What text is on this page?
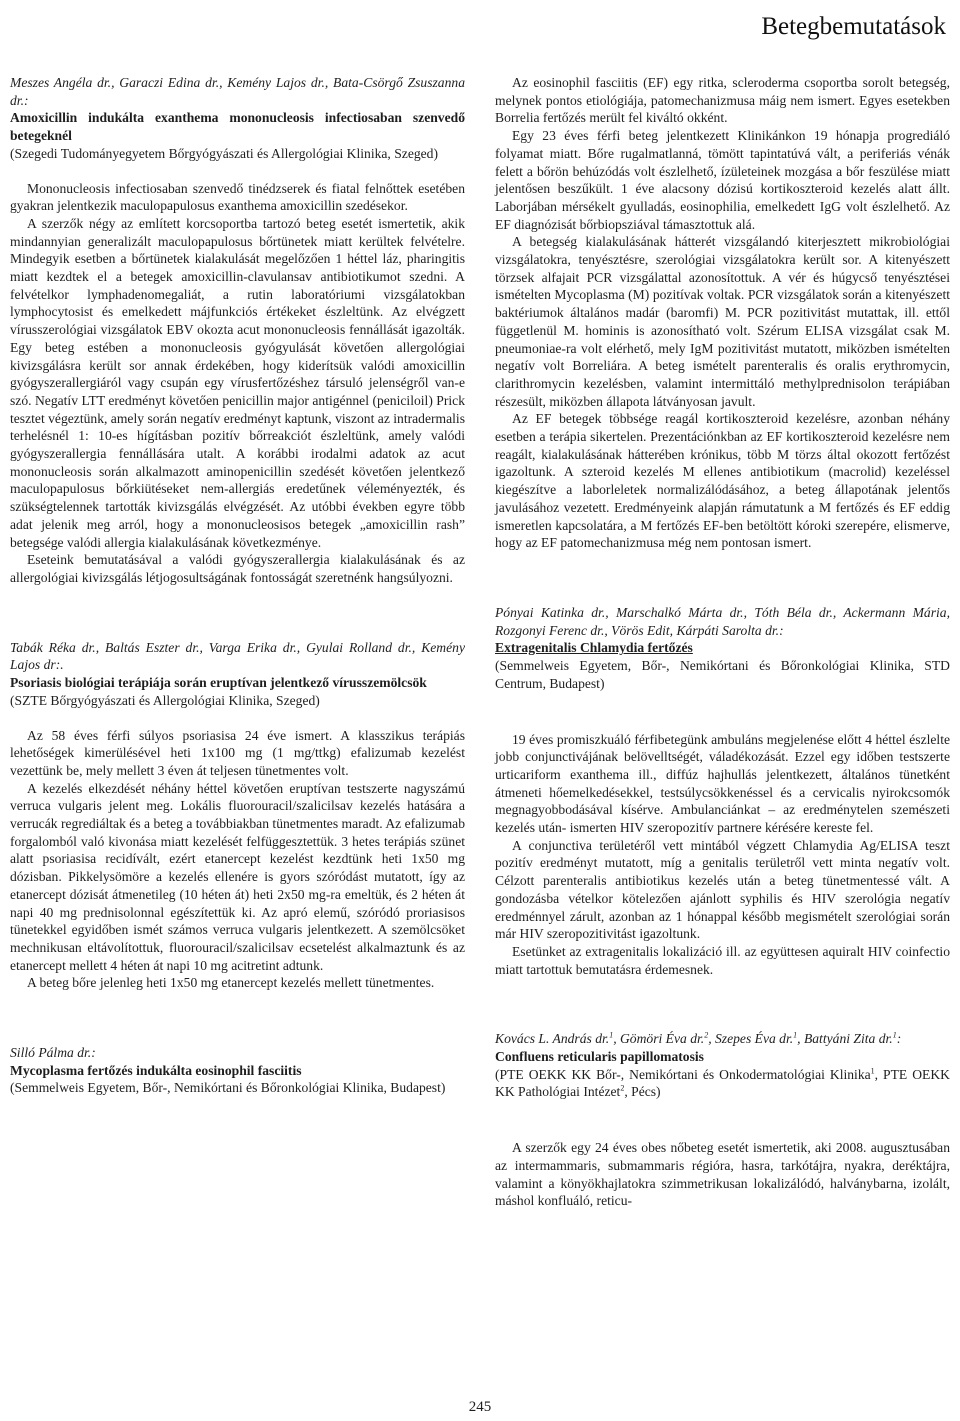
Betegbemutatások

Meszes Angéla dr., Garaczi Edina dr., Kemény Lajos dr., Bata-Csörgő Zsuszanna dr.:

Amoxicillin indukálta exanthema mononucleosis infectiosaban szenvedő betegeknél

(Szegedi Tudományegyetem Bőrgyógyászati és Allergológiai Klinika, Szeged)

Mononucleosis infectiosaban szenvedő tinédzserek és fiatal felnőttek esetében gyakran jelentkezik maculopapulosus exanthema amoxicillin szedésekor.

A szerzők négy az említett korcsoportba tartozó beteg esetét ismertetik, akik mindannyian generalizált maculopapulosus bőrtünetek miatt kerültek felvételre. Mindegyik esetben a bőrtünetek kialakulását megelőzően 1 héttel láz, pharingitis miatt kezdtek el a betegek amoxicillin-clavulansav antibiotikumot szedni. A felvételkor lymphadenomegaliát, a rutin laboratóriumi vizsgálatokban lymphocytosist és emelkedett májfunkciós értékeket észleltünk. Az elvégzett vírusszerológiai vizsgálatok EBV okozta acut mononucleosis fennállását igazolták. Egy beteg estében a mononucleosis gyógyulását követően allergológiai kivizsgálásra került sor annak érdekében, hogy kiderítsük valódi amoxicillin gyógyszerallergiáról vagy csupán egy vírusfertőzéshez társuló jelenségről van-e szó. Negatív LTT eredményt követően penicillin major antigénnel (peniciloil) Prick tesztet végeztünk, amely során negatív eredményt kaptunk, viszont az intradermalis terhelésnél 1: 10-es hígításban pozitív bőrreakciót észleltünk, amely valódi gyógyszerallergia fennállására utalt. A korábbi irodalmi adatok az acut mononucleosis során alkalmazott aminopenicillin szedését követően jelentkező maculopapulosus bőrkiütéseket nem-allergiás eredetűnek véleményezték, és szükségtelennek tartották kivizsgálás elvégzését. Az utóbbi években egyre több adat jelenik meg arról, hogy a mononucleosisos betegek „amoxicillin rash” betegsége valódi allergia kialakulásának következménye.

Eseteink bemutatásával a valódi gyógyszerallergia kialakulásának és az allergológiai kivizsgálás létjogosultságának fontosságát szeretnénk hangsúlyozni.

Tabák Réka dr., Baltás Eszter dr., Varga Erika dr., Gyulai Rolland dr., Kemény Lajos dr:.

Psoriasis biológiai terápiája során eruptívan jelentkező vírusszemölcsök

(SZTE Bőrgyógyászati és Allergológiai Klinika, Szeged)

Az 58 éves férfi súlyos psoriasisa 24 éve ismert. A klasszikus terápiás lehetőségek kimerülésével heti 1x100 mg (1 mg/ttkg) efalizumab kezelést vezettünk be, mely mellett 3 éven át teljesen tünetmentes volt.

A kezelés elkezdését néhány héttel követően eruptívan testszerte nagyszámú verruca vulgaris jelent meg. Lokális fluorouracil/szalicilsav kezelés hatására a verrucák regrediáltak és a beteg a továbbiakban tünetmentes maradt. Az efalizumab forgalomból való kivonása miatt kezelését felfüggesztettük. 3 hetes terápiás szünet alatt psoriasisa recidívált, ezért etanercept kezelést kezdtünk heti 1x50 mg dózisban. Pikkelysömöre a kezelés ellenére is gyors szóródást mutatott, így az etanercept dózisát átmenetileg (10 héten át) heti 2x50 mg-ra emeltük, és 2 héten át napi 40 mg prednisolonnal egészítettük ki. Az apró elemű, szóródó proriasisos tünetekkel egyidőben ismét számos verruca vulgaris jelentkezett. A szemölcsöket mechnikusan eltávolítottuk, fluorouracil/szalicilsav ecsetelést alkalmaztunk és az etanercept mellett 4 héten át napi 10 mg acitretint adtunk.

A beteg bőre jelenleg heti 1x50 mg etanercept kezelés mellett tünetmentes.

Silló Pálma dr.:

Mycoplasma fertőzés indukálta eosinophil fasciitis

(Semmelweis Egyetem, Bőr-, Nemikórtani és Bőronkológiai Klinika, Budapest)

Az eosinophil fasciitis (EF) egy ritka, scleroderma csoportba sorolt betegség, melynek pontos etiológiája, patomechanizmusa máig nem ismert. Egyes esetekben Borrelia fertőzés merült fel kiváltó okként.

Egy 23 éves férfi beteg jelentkezett Klinikánkon 19 hónapja progrediáló folyamat miatt. Bőre rugalmatlanná, tömött tapintatúvá vált, a periferiás vénák felett a bőrön behúzódás volt észlelhető, ízületeinek mozgása a bőr feszülése miatt jelentősen beszűkült. 1 éve alacsony dózisú kortikoszteroid kezelés alatt állt. Laborjában mérsékelt gyulladás, eosinophilia, emelkedett IgG volt észlelhető. Az EF diagnózisát bőrbiopsziával támasztottuk alá.

A betegség kialakulásának hátterét vizsgálandó kiterjesztett mikrobiológiai vizsgálatokra, tenyésztésre, szerológiai vizsgálatokra került sor. A kitenyészett törzsek alfajait PCR vizsgálattal azonosítottuk. A vér és húgycső tenyésztései ismételten Mycoplasma (M) pozitívak voltak. PCR vizsgálatok során a kitenyészett baktériumok általános madár (baromfi) M. PCR pozitivitást mutattak, ill. ettől függetlenül M. hominis is azonosítható volt. Szérum ELISA vizsgálat csak M. pneumoniae-ra volt elérhető, mely IgM pozitivitást mutatott, miközben ismételten negatív volt Borreliára. A beteg ismételt parenteralis és oralis erythromycin, clarithromycin kezelésben, valamint intermittáló methylprednisolon terápiában részesült, miközben állapota látványosan javult.

Az EF betegek többsége reagál kortikoszteroid kezelésre, azonban néhány esetben a terápia sikertelen. Prezentációnkban az EF kortikoszteroid kezelésre nem reagált, kialakulásának hátterében krónikus, több M törzs által okozott fertőzést igazoltunk. A szteroid kezelés M ellenes antibiotikum (macrolid) kezeléssel kiegészítve a laborleletek normalizálódásához, a beteg állapotának jelentős javulásához vezetett. Eredményeink alapján rámutatunk a M fertőzés és EF eddig ismeretlen kapcsolatára, a M fertőzés EF-ben betöltött kóroki szerepére, elismerve, hogy az EF patomechanizmusa még nem pontosan ismert.

Pónyai Katinka dr., Marschalkó Márta dr., Tóth Béla dr., Ackermann Mária, Rozgonyi Ferenc dr., Vörös Edit, Kárpáti Sarolta dr.:

Extragenitalis Chlamydia fertőzés

(Semmelweis Egyetem, Bőr-, Nemikórtani és Bőronkológiai Klinika, STD Centrum, Budapest)

19 éves promiszkuáló férfibetegünk ambuláns megjelenése előtt 4 héttel észlelte jobb conjunctivájának belövelltségét, váladékozását. Ezzel egy időben testszerte urticariform exanthema ill., diffúz hajhullás jelentkezett, általános tünetként átmeneti hőemelkedésekkel, testsúlycsökkenéssel és a cervicalis nyirokcsomók megnagyobbodásával kísérve. Ambulanciánkat – az eredménytelen szemészeti kezelés után- ismerten HIV szeropozitív partnere kérésére kereste fel.

A conjunctiva területéről vett mintából végzett Chlamydia Ag/ELISA teszt pozitív eredményt mutatott, míg a genitalis területről vett minta negatív volt. Célzott parenteralis antibiotikus kezelés után a beteg tünetmentessé vált. A gondozásba vételkor kötelezően ajánlott syphilis és HIV szerológia negatív eredménnyel zárult, azonban az 1 hónappal később megismételt szerológiai során már HIV szeropozitivitást igazoltunk.

Esetünket az extragenitalis lokalizáció ill. az együttesen aquiralt HIV coinfectio miatt tartottuk bemutatásra érdemesnek.

Kovács L. András dr.$^1$, Gömöri Éva dr.$^2$, Szepes Éva dr.$^1$, Battyáni Zita dr.$^1$:

Confluens reticularis papillomatosis

(PTE OEKK KK Bőr-, Nemikórtani és Onkodermatológiai Klinika$^1$, PTE OEKK KK Pathológiai Intézet$^2$, Pécs)

A szerzők egy 24 éves obes nőbeteg esetét ismertetik, aki 2008. augusztusában az intermammaris, submammaris régióra, hasra, tarkótájra, nyakra, deréktájra, valamint a könyökhajlatokra szimmetrikusan lokalizálódó, halványbarna, izolált, máshol konfluáló, reticu-

245
